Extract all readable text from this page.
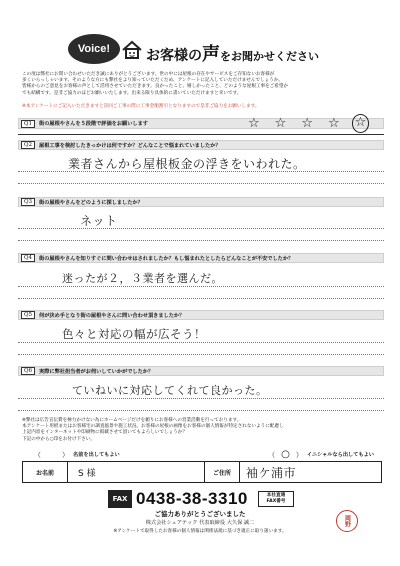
Voice!	お客様の 声 をお聞かせください
この度は弊社にお問い合わせいただき誠にありがとうございます。世の中には屋根の存在やサービスをご存知ないお客様が
多くいらっしゃいます。そのような方にも弊社をより知っていただくため、アンケートに記入していただけませんでしょうか。
皆様からのご意見をお客様の声として活用させていただきます。良かったこと、嬉しかったこと、どのような屋根工事をご希望か
でも結構です。是非ご協力のほどお願いいたします。出来る限り具体的に書いていただけますと幸いです。
※本アンケートにご記入いただきますと次回ご工事の際に工事金額割引となりますので是非ご協力をお願いします。
Q1	街の屋根やさんを５段階で評価をお願いします	☆ ☆ ☆ ☆ ☆
Q2	屋根工事を検討したきっかけは何ですか？どんなことで悩まれていましたか？
業者さんから屋根板金の浮きをいわれた。
Q3	街の屋根やさんをどのように探しましたか？
ネット
Q4	街の屋根やさんを知りすぐに問い合わせはされましたか？もし悩まれたとしたらどんなことが不安でしたか？
迷ったが２，３業者を選んだ。
Q5	何が決め手となり街の屋根やさんに問い合わせ頂きましたか？
色々と対応の幅が広そう！
Q6	実際に弊社担当者がお伺いしていかがでしたか？
ていねいに対応してくれて良かった。
※弊社は広告宣伝費を極力かけない為にホームページだけを頼りにお客様への営業活動を行っております。
本アンケート用紙またはお客様宅の調査風景や施工状況、お客様の屋根の画像をお客様の個人情報が特定されないように配慮し
上記内容をインターネットや印刷物に掲載させて頂いてもよろしいでしょうか？
下記の中から○印をお付け下さい。
（　　　） 名前を出してもよい	（ ○ ） イニシャルなら出してもよい
お名前	S 様	ご住所 袖ケ浦市
FAX 0438-38-3310	本社直通
FAX番号
ご協力ありがとうございました
株式会社シェアテック 代表取締役 大久保 誠二
※アンケートで取得したお客様の個人情報は関係法規に基づき適正に取り扱います。
岡野
